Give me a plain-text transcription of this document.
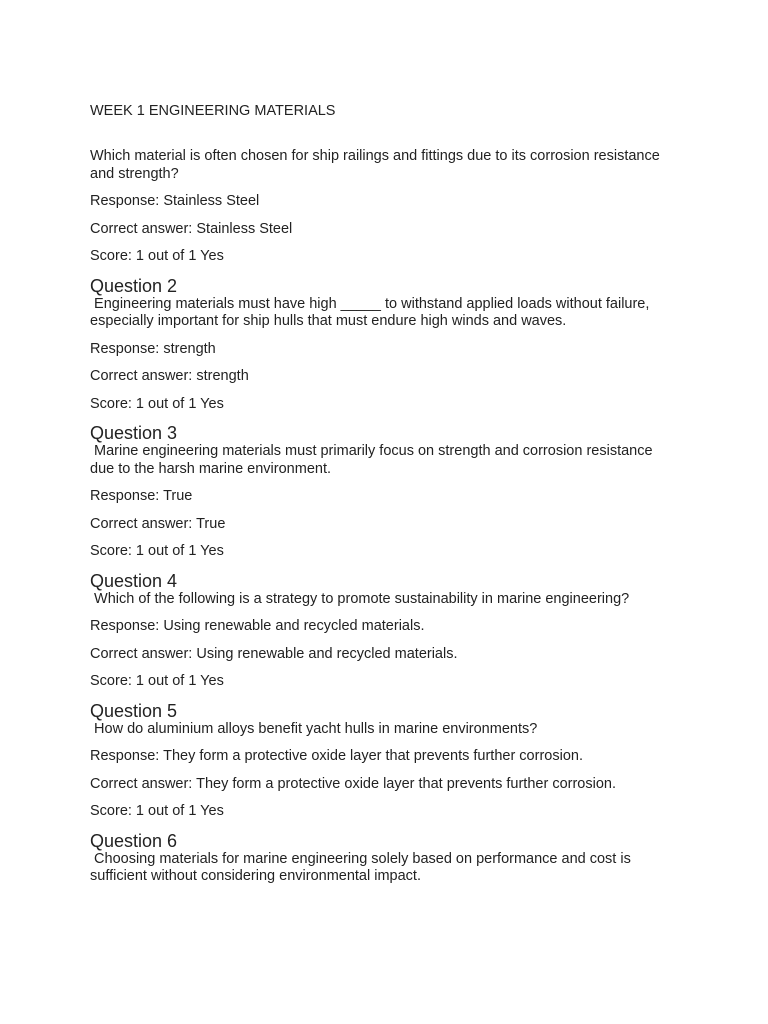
WEEK 1 ENGINEERING MATERIALS
Which material is often chosen for ship railings and fittings due to its corrosion resistance and strength?
Response: Stainless Steel
Correct answer: Stainless Steel
Score: 1 out of 1 Yes
Question 2
Engineering materials must have high _____ to withstand applied loads without failure, especially important for ship hulls that must endure high winds and waves.
Response: strength
Correct answer: strength
Score: 1 out of 1 Yes
Question 3
Marine engineering materials must primarily focus on strength and corrosion resistance due to the harsh marine environment.
Response: True
Correct answer: True
Score: 1 out of 1 Yes
Question 4
Which of the following is a strategy to promote sustainability in marine engineering?
Response: Using renewable and recycled materials.
Correct answer: Using renewable and recycled materials.
Score: 1 out of 1 Yes
Question 5
How do aluminium alloys benefit yacht hulls in marine environments?
Response: They form a protective oxide layer that prevents further corrosion.
Correct answer: They form a protective oxide layer that prevents further corrosion.
Score: 1 out of 1 Yes
Question 6
Choosing materials for marine engineering solely based on performance and cost is sufficient without considering environmental impact.
